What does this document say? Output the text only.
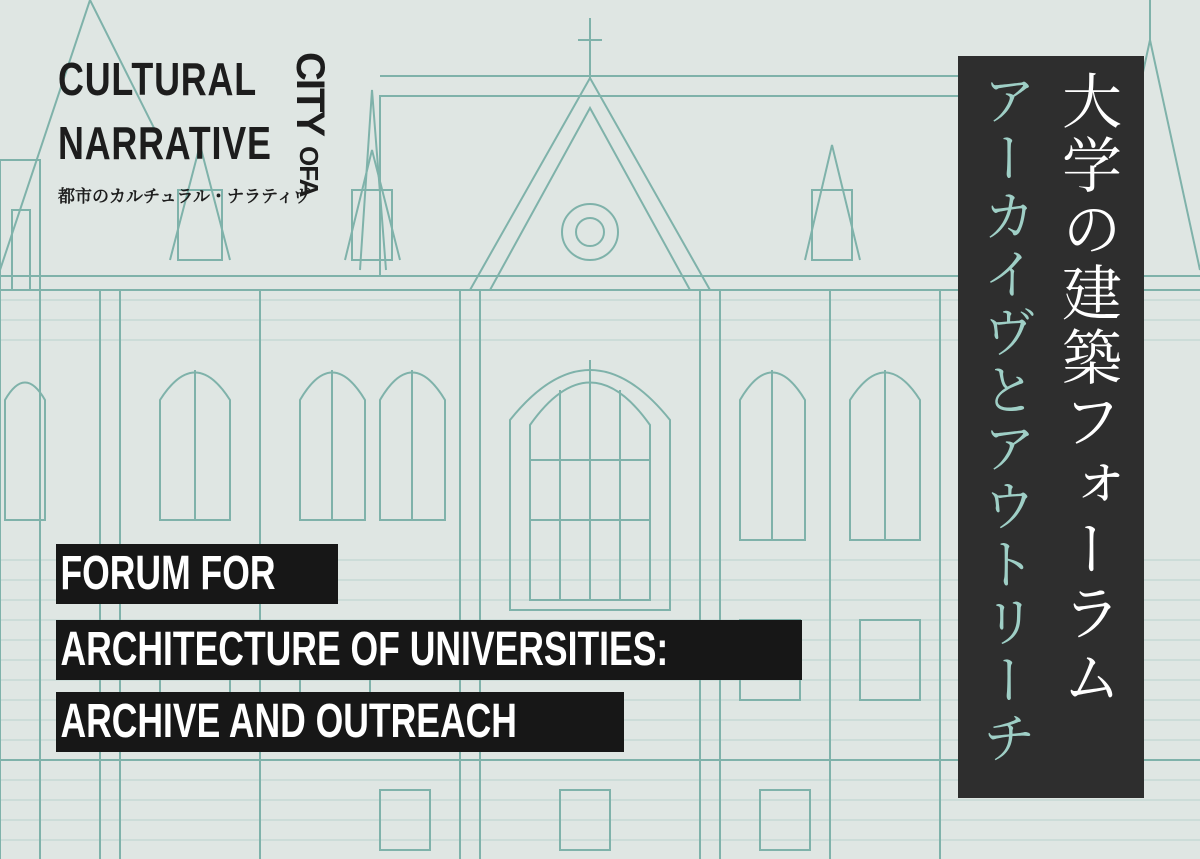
CULTURAL
NARRATIVE
CITY
OFA
都市のカルチュラル・ナラティヴ
FORUM FOR
ARCHITECTURE OF UNIVERSITIES:
ARCHIVE AND OUTREACH
大学の建築フォーラム
アーカイヴとアウトリーチ
